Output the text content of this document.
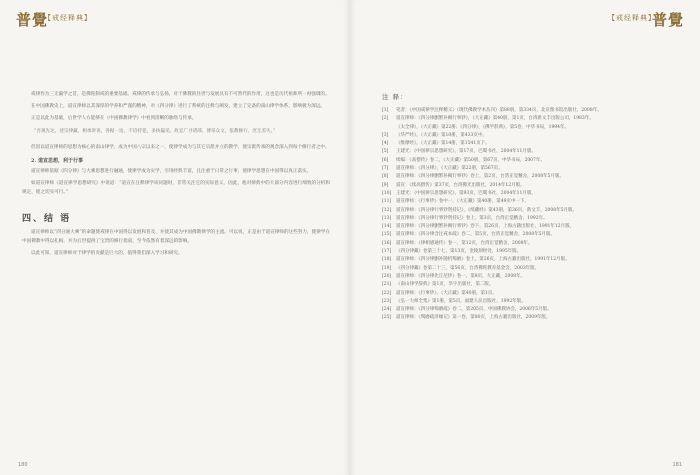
普覺
【戒经释典】

戒律作为三无漏学之首，是佛陀制戒的重要基础。戒律的传承与弘扬，对于佛教的住世与发展具有不可替代的作用，这也是历代祖师所一再强调的。

在中国佛教史上，道宣律师以其深厚的学养和严谨的精神，对《四分律》进行了系统的注释与阐发，建立了完备的南山律学体系，影响极为深远。

正是以此为基础，后世学人方能够在《中国佛教律学》中看到清晰的脉络与传承。

“吾观先达，述宗律藏，相承讲说，各据一边，不谙持犯，多执偏见。故宜广寻诸部，博采众文，依教修行，庶无差失。”

但因以道宣律师的思想为核心的南山律学，成为中国八宗以来之一，使律学成为与其它宗派并立的教学，使宗派传承的观念深入到每个修行者之中。

2. 道宣思想，利于行事

道宣律师依据《四分律》与大乘思想进行融通，使律学成为实学，引用经典丰富，且注重于日常之行事，使律学思想在中国得以真正落实。

如道宣律师《道宣律学思想研究》中说道：“道宣在注释律学该问题时，非常关注它的实际意义，因此，他对律典中的大部分内容进行细致的分析和规定，使之切实可行。”

四、结 语

道宣律师以“四分通大乘”的命题使戒律在中国得以发展和普及，并使其成为中国佛教律学的主流。可以说，正是由于道宣律师的这些努力，使律学在中国佛教中得以扎根，并为后世提供了宝贵的修行指南，至今依然有着深远的影响。

以此可知，道宣律师对于律学的贡献是巨大的，值得我们深入学习和研究。

180
【戒经释典】
普覺
注 释：
[1]	笔者：《中国戒律学注释精义》（现代佛教学术丛刊）第88册，第334页，北京图书馆出版社，2008年。
[2]	道宣律师：《四分律删繁补阙行事钞》，《大正藏》第40册，第1页，台湾新文丰出版公司，1983年。
《太全律》，《大正藏》第22册；《四分律》，《佛学辞典》，第5卷，中华书局，1994年。
[3]	《华严经》，《大正藏》第10册，第433页中。
[4]	《维摩经》，《大正藏》第14册，第1541页下。
[5]	王建光：《中国律宗思想研究》，第17页，巴蜀书社，2004年11月版。
[6]	续编：《高僧传》卷二，《大正藏》第50册，第67页，中华书局，2007年。
[7]	道宣律师：《四分律》，《大正藏》第22册，第567页。
[8]	道宣律师：《四分律删繁补阙行事钞》卷上，第2页，台湾正觉精舍，2008年5月版。
[9]	道宣：《续高僧传》第37页，台湾佛光出版社，2014年12月版。
[10]	王建光：《中国律宗思想研究》，第93页，巴蜀书社，2004年11月版。
[11]	道宣律师：《行事钞》卷中一，《大正藏》第40册，第49页中一下。
[12]	道宣律师：《四分律行事钞资持记》，《续藏经》第43册，第36页，新文丰，2008年5月版。
[13]	道宣律师：《四分律行事钞资持记》卷上，第3页，台湾正觉精舍，1992年。
[14]	道宣律师：《四分律删繁补阙行事钞》卷下，第26页，上海古籍出版社，1991年12月版。
[15]	道宣律师：《四分律含注戒本疏》卷二，第5页，台湾正觉精舍，2008年5月版。
[16]	道宣律师：《律相感通传》卷一，第12页，台湾正觉精舍，2008年。
[17]	《四分律藏》卷第三十七，第13页，金陵刻经处，1995年版。
[18]	道宣律师：《四分律删补随机羯磨》卷上，第26页，上海古籍出版社，1991年12月版。
[19]	《四分律藏》卷第二十三，第56页，台湾佛陀教育基金会，2003年版。
[20]	道宣律师：《四分律比丘尼钞》卷一，第8页，大正藏，2008年。
[21]	《南山律学辞典》第1页，华宇出版社，第二版。
[22]	道宣律师：《行事钞》，《大正藏》第40册，第1页。
[23]	《弘一大师全集》第1册，第5页，福建人民出版社，1992年版。
[24]	道宣律师：《四分律羯磨疏》卷二，第205页，中国佛教协会，2006年5月版。
[25]	道宣律师：《羯磨疏济缘记》第一卷，第80页，上海古籍出版社，2009年版。
181
